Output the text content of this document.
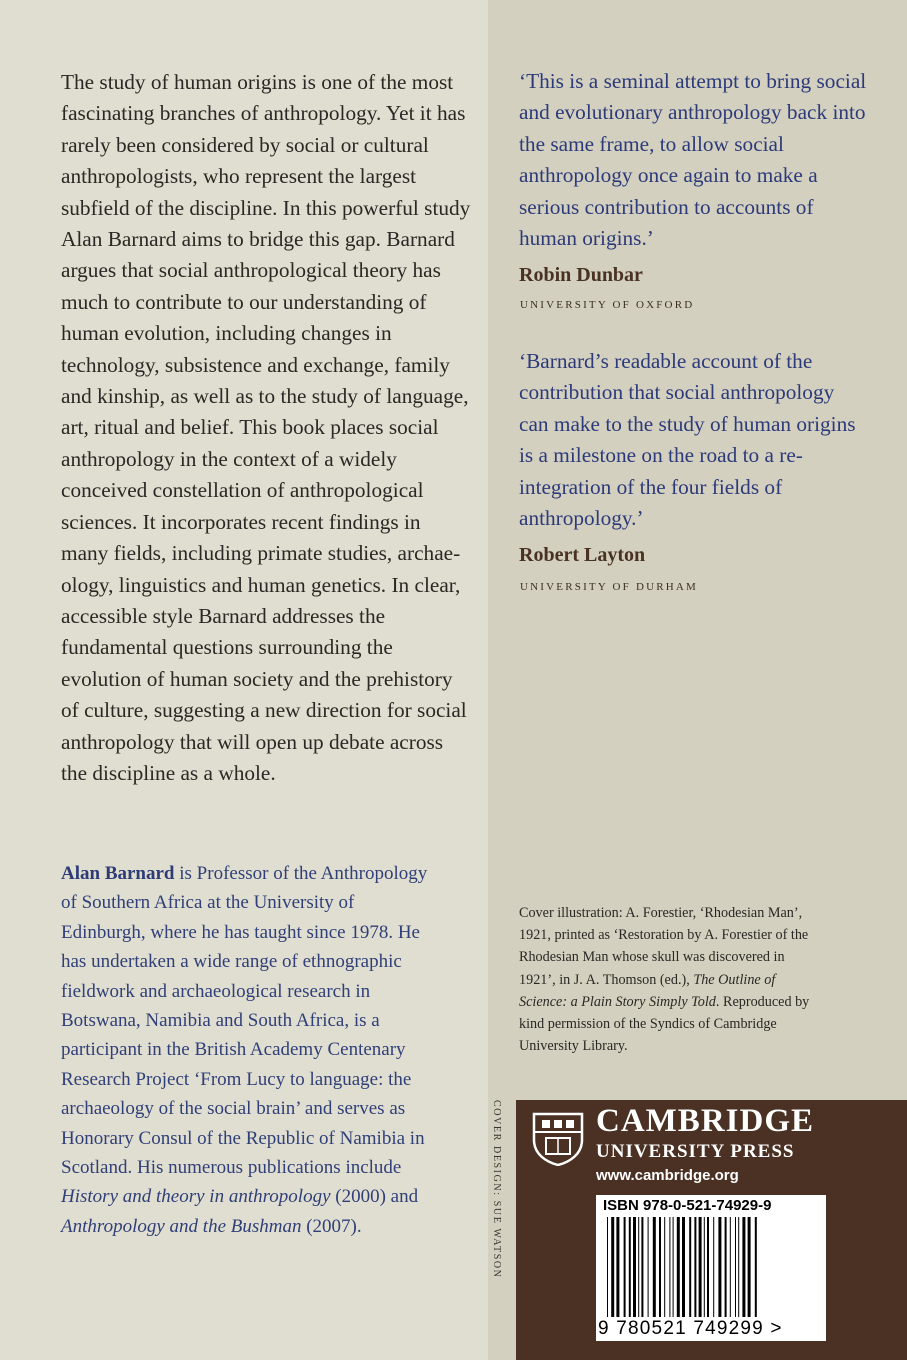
The study of human origins is one of the most fascinating branches of anthropology. Yet it has rarely been considered by social or cultural anthropologists, who represent the largest subfield of the discipline. In this powerful study Alan Barnard aims to bridge this gap. Barnard argues that social anthropological theory has much to contribute to our understanding of human evolution, including changes in technology, subsistence and exchange, family and kinship, as well as to the study of language, art, ritual and belief. This book places social anthropology in the context of a widely conceived constellation of anthropological sciences. It incorporates recent findings in many fields, including primate studies, archaeology, linguistics and human genetics. In clear, accessible style Barnard addresses the fundamental questions surrounding the evolution of human society and the prehistory of culture, suggesting a new direction for social anthropology that will open up debate across the discipline as a whole.

Alan Barnard is Professor of the Anthropology of Southern Africa at the University of Edinburgh, where he has taught since 1978. He has undertaken a wide range of ethnographic fieldwork and archaeological research in Botswana, Namibia and South Africa, is a participant in the British Academy Centenary Research Project ‘From Lucy to language: the archaeology of the social brain’ and serves as Honorary Consul of the Republic of Namibia in Scotland. His numerous publications include History and theory in anthropology (2000) and Anthropology and the Bushman (2007).

‘This is a seminal attempt to bring social and evolutionary anthropology back into the same frame, to allow social anthropology once again to make a serious contribution to accounts of human origins.’

Robin Dunbar
UNIVERSITY OF OXFORD

‘Barnard’s readable account of the contribution that social anthropology can make to the study of human origins is a milestone on the road to a re-integration of the four fields of anthropology.’

Robert Layton
UNIVERSITY OF DURHAM

Cover illustration: A. Forestier, ‘Rhodesian Man’, 1921, printed as ‘Restoration by A. Forestier of the Rhodesian Man whose skull was discovered in 1921’, in J. A. Thomson (ed.), The Outline of Science: a Plain Story Simply Told. Reproduced by kind permission of the Syndics of Cambridge University Library.

COVER DESIGN: SUE WATSON	CAMBRIDGE
UNIVERSITY PRESS
www.cambridge.org
ISBN 978-0-521-74929-9
9 780521 749299 >
